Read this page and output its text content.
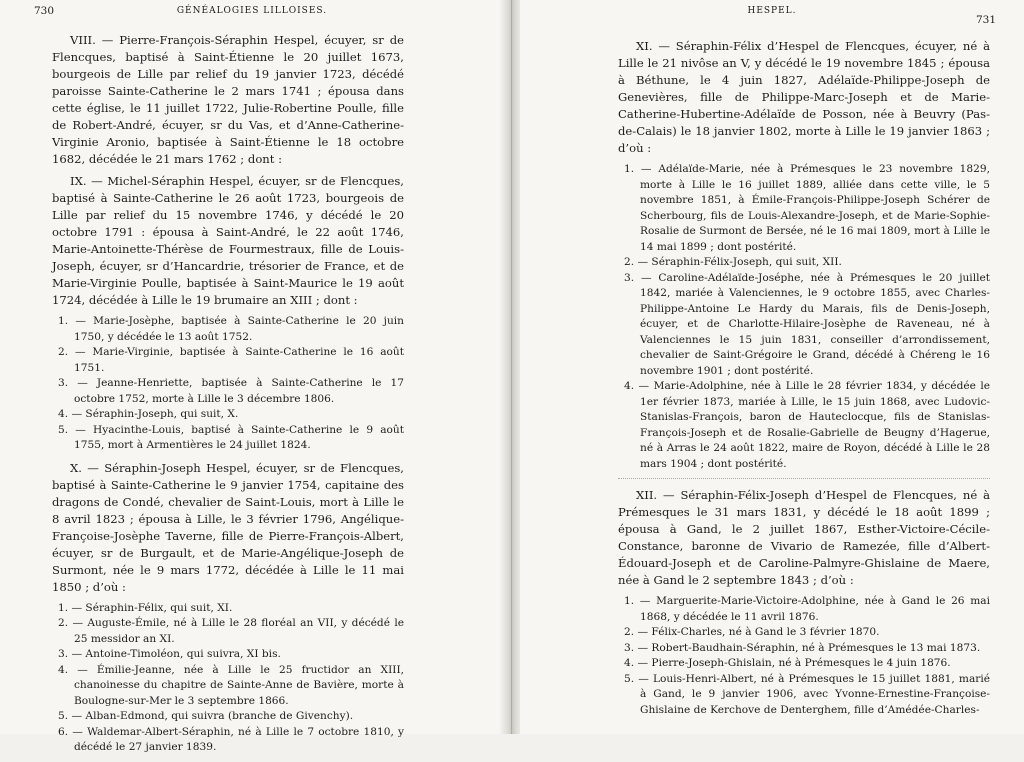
730	GÉNÉALOGIES LILLOISES.

VIII. — Pierre-François-Séraphin Hespel, écuyer, sr de Flencques, baptisé à Saint-Étienne le 20 juillet 1673, bourgeois de Lille par relief du 19 janvier 1723, décédé paroisse Sainte-Catherine le 2 mars 1741 ; épousa dans cette église, le 11 juillet 1722, Julie-Robertine Poulle, fille de Robert-André, écuyer, sr du Vas, et d’Anne-Catherine-Virginie Aronio, baptisée à Saint-Étienne le 18 octobre 1682, décédée le 21 mars 1762 ; dont :

IX. — Michel-Séraphin Hespel, écuyer, sr de Flencques, baptisé à Sainte-Catherine le 26 août 1723, bourgeois de Lille par relief du 15 novembre 1746, y décédé le 20 octobre 1791 : épousa à Saint-André, le 22 août 1746, Marie-Antoinette-Thérèse de Fourmestraux, fille de Louis-Joseph, écuyer, sr d’Hancardrie, trésorier de France, et de Marie-Virginie Poulle, baptisée à Saint-Maurice le 19 août 1724, décédée à Lille le 19 brumaire an XIII ; dont :

1. — Marie-Josèphe, baptisée à Sainte-Catherine le 20 juin 1750, y décédée le 13 août 1752.

2. — Marie-Virginie, baptisée à Sainte-Catherine le 16 août 1751.

3. — Jeanne-Henriette, baptisée à Sainte-Catherine le 17 octobre 1752, morte à Lille le 3 décembre 1806.

4. — Séraphin-Joseph, qui suit, X.

5. — Hyacinthe-Louis, baptisé à Sainte-Catherine le 9 août 1755, mort à Armentières le 24 juillet 1824.

X. — Séraphin-Joseph Hespel, écuyer, sr de Flencques, baptisé à Sainte-Catherine le 9 janvier 1754, capitaine des dragons de Condé, chevalier de Saint-Louis, mort à Lille le 8 avril 1823 ; épousa à Lille, le 3 février 1796, Angélique-Françoise-Josèphe Taverne, fille de Pierre-François-Albert, écuyer, sr de Burgault, et de Marie-Angélique-Joseph de Surmont, née le 9 mars 1772, décédée à Lille le 11 mai 1850 ; d’où :

1. — Séraphin-Félix, qui suit, XI.

2. — Auguste-Émile, né à Lille le 28 floréal an VII, y décédé le 25 messidor an XI.

3. — Antoine-Timoléon, qui suivra, XI bis.

4. — Émilie-Jeanne, née à Lille le 25 fructidor an XIII, chanoinesse du chapitre de Sainte-Anne de Bavière, morte à Boulogne-sur-Mer le 3 septembre 1866.

5. — Alban-Edmond, qui suivra (branche de Givenchy).

6. — Waldemar-Albert-Séraphin, né à Lille le 7 octobre 1810, y décédé le 27 janvier 1839.

HESPEL.
731

XI. — Séraphin-Félix d’Hespel de Flencques, écuyer, né à Lille le 21 nivôse an V, y décédé le 19 novembre 1845 ; épousa à Béthune, le 4 juin 1827, Adélaïde-Philippe-Joseph de Genevières, fille de Philippe-Marc-Joseph et de Marie-Catherine-Hubertine-Adélaïde de Posson, née à Beuvry (Pas-de-Calais) le 18 janvier 1802, morte à Lille le 19 janvier 1863 ; d’où :

1. — Adélaïde-Marie, née à Prémesques le 23 novembre 1829, morte à Lille le 16 juillet 1889, alliée dans cette ville, le 5 novembre 1851, à Émile-François-Philippe-Joseph Schérer de Scherbourg, fils de Louis-Alexandre-Joseph, et de Marie-Sophie-Rosalie de Surmont de Bersée, né le 16 mai 1809, mort à Lille le 14 mai 1899 ; dont postérité.

2. — Séraphin-Félix-Joseph, qui suit, XII.

3. — Caroline-Adélaïde-Joséphe, née à Prémesques le 20 juillet 1842, mariée à Valenciennes, le 9 octobre 1855, avec Charles-Philippe-Antoine Le Hardy du Marais, fils de Denis-Joseph, écuyer, et de Charlotte-Hilaire-Josèphe de Raveneau, né à Valenciennes le 15 juin 1831, conseiller d’arrondissement, chevalier de Saint-Grégoire le Grand, décédé à Chéreng le 16 novembre 1901 ; dont postérité.

4. — Marie-Adolphine, née à Lille le 28 février 1834, y décédée le 1er février 1873, mariée à Lille, le 15 juin 1868, avec Ludovic-Stanislas-François, baron de Hauteclocque, fils de Stanislas-François-Joseph et de Rosalie-Gabrielle de Beugny d’Hagerue, né à Arras le 24 août 1822, maire de Royon, décédé à Lille le 28 mars 1904 ; dont postérité.

XII. — Séraphin-Félix-Joseph d’Hespel de Flencques, né à Prémesques le 31 mars 1831, y décédé le 18 août 1899 ; épousa à Gand, le 2 juillet 1867, Esther-Victoire-Cécile-Constance, baronne de Vivario de Ramezée, fille d’Albert-Édouard-Joseph et de Caroline-Palmyre-Ghislaine de Maere, née à Gand le 2 septembre 1843 ; d’où :

1. — Marguerite-Marie-Victoire-Adolphine, née à Gand le 26 mai 1868, y décédée le 11 avril 1876.

2. — Félix-Charles, né à Gand le 3 février 1870.

3. — Robert-Baudhain-Séraphin, né à Prémesques le 13 mai 1873.

4. — Pierre-Joseph-Ghislain, né à Prémesques le 4 juin 1876.

5. — Louis-Henri-Albert, né à Prémesques le 15 juillet 1881, marié à Gand, le 9 janvier 1906, avec Yvonne-Ernestine-Françoise-Ghislaine de Kerchove de Denterghem, fille d’Amédée-Charles-
